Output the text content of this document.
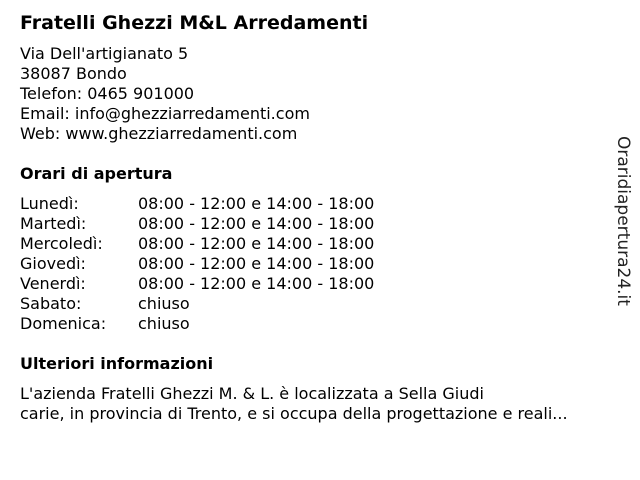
Fratelli Ghezzi M&L Arredamenti
Via Dell'artigianato 5
38087 Bondo
Telefon: 0465 901000
Email: info@ghezziarredamenti.com
Web: www.ghezziarredamenti.com
Orari di apertura
Lunedì:	08:00 - 12:00 e 14:00 - 18:00
Martedì:	08:00 - 12:00 e 14:00 - 18:00
Mercoledì: 08:00 - 12:00 e 14:00 - 18:00
Giovedì:	08:00 - 12:00 e 14:00 - 18:00
Venerdì:	08:00 - 12:00 e 14:00 - 18:00
Sabato:	chiuso
Domenica: chiuso
Ulteriori informazioni
L'azienda Fratelli Ghezzi M. & L. è localizzata a Sella Giudi
carie, in provincia di Trento, e si occupa della progettazione e reali...
Oraridiapertura24.it
